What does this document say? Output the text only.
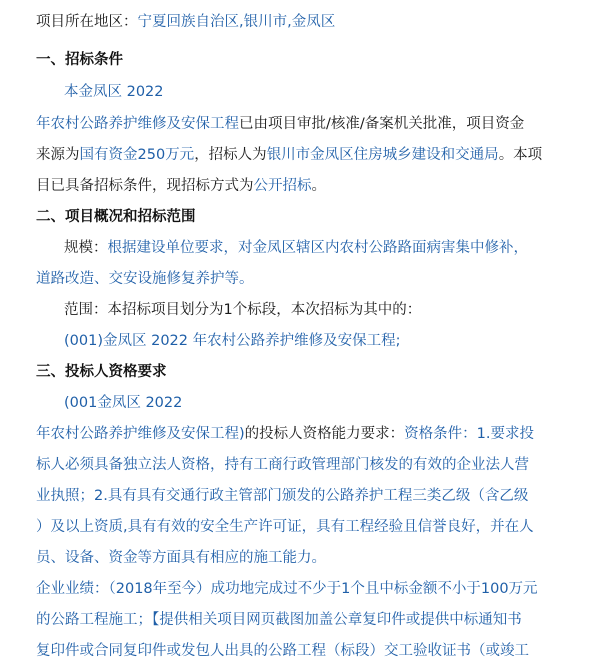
项目所在地区：宁夏回族自治区,银川市,金凤区
一、招标条件
本金凤区 2022
年农村公路养护维修及安保工程已由项目审批/核准/备案机关批准，项目资金
来源为国有资金250万元，招标人为银川市金凤区住房城乡建设和交通局。本项
目已具备招标条件，现招标方式为公开招标。
二、项目概况和招标范围
规模：根据建设单位要求，对金凤区辖区内农村公路路面病害集中修补，
道路改造、交安设施修复养护等。
范围：本招标项目划分为1个标段，本次招标为其中的：
(001)金凤区 2022 年农村公路养护维修及安保工程;
三、投标人资格要求
(001金凤区 2022
年农村公路养护维修及安保工程)的投标人资格能力要求：资格条件：1.要求投
标人必须具备独立法人资格，持有工商行政管理部门核发的有效的企业法人营
业执照；2.具有具有交通行政主管部门颁发的公路养护工程三类乙级（含乙级
）及以上资质,具有有效的安全生产许可证，具有工程经验且信誉良好，并在人
员、设备、资金等方面具有相应的施工能力。
企业业绩：（2018年至今）成功地完成过不少于1个且中标金额不小于100万元
的公路工程施工；【提供相关项目网页截图加盖公章复印件或提供中标通知书
复印件或合同复印件或发包人出具的公路工程（标段）交工验收证书（或竣工
